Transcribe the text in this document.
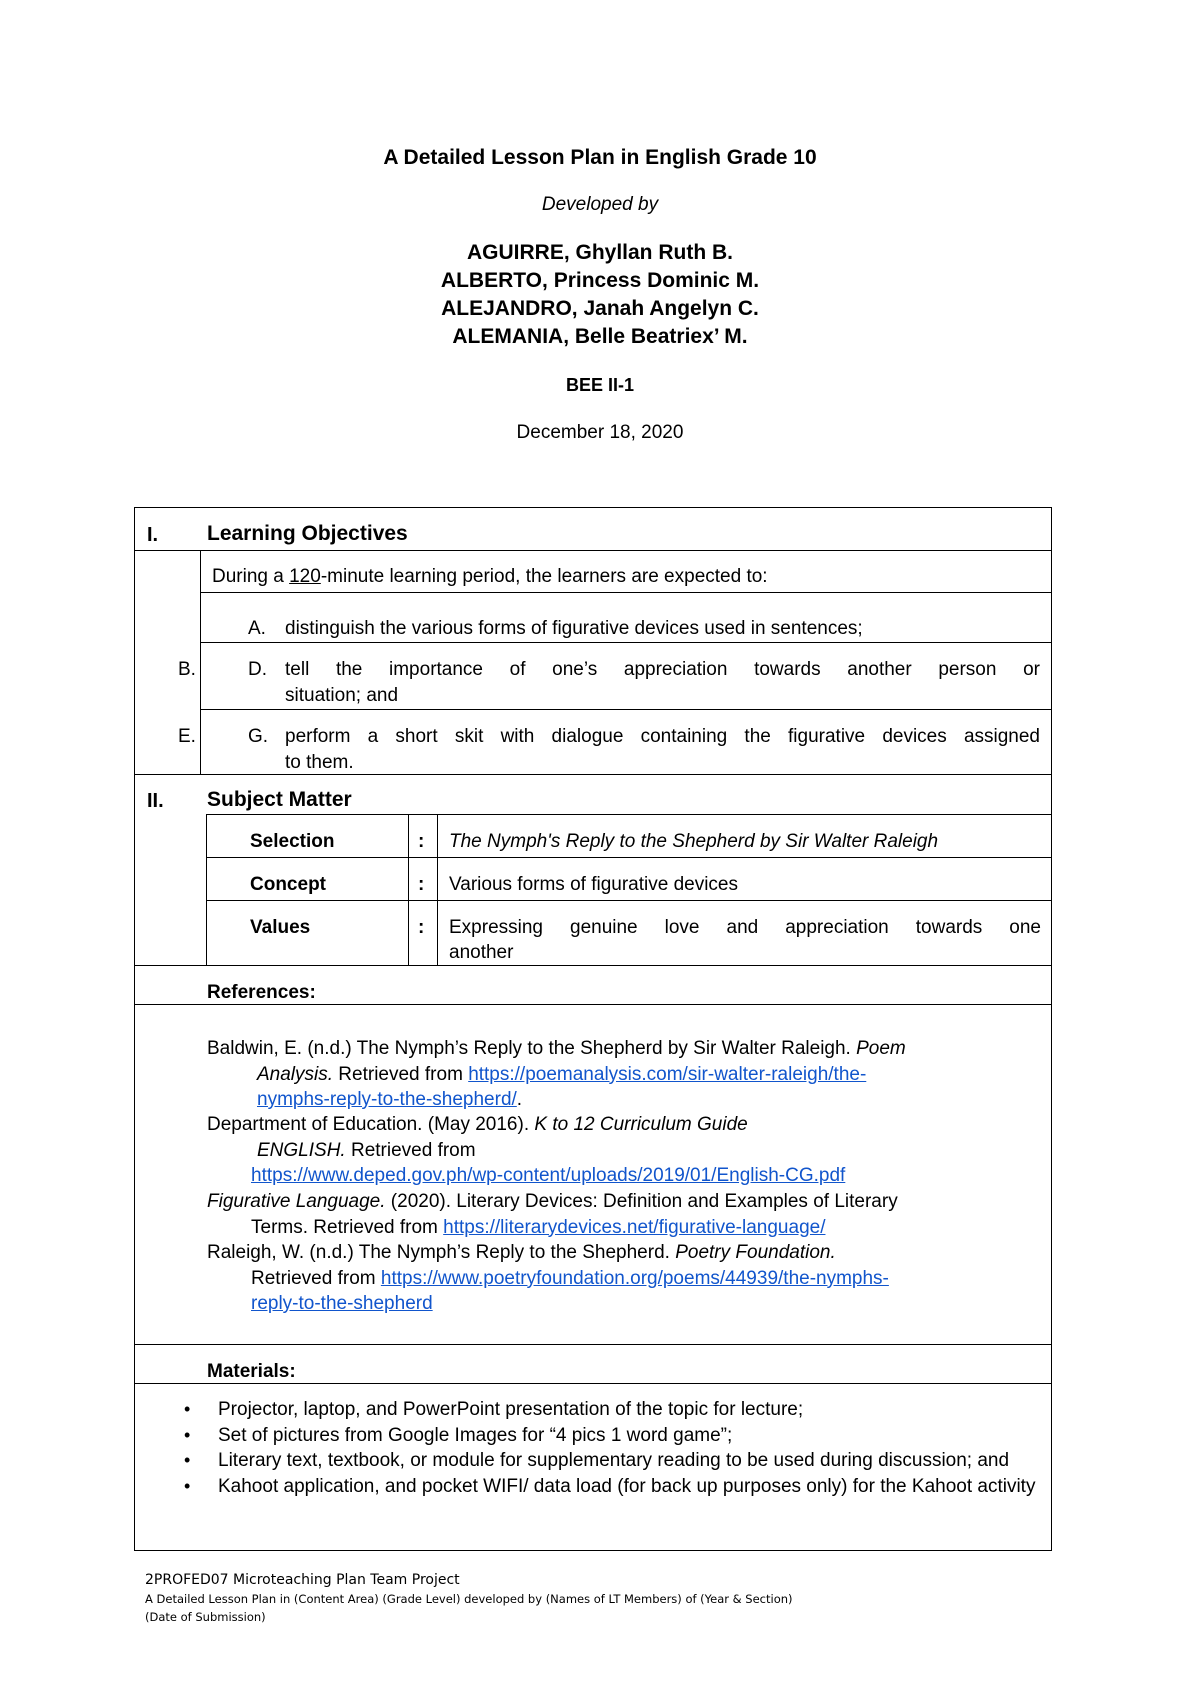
A Detailed Lesson Plan in English Grade 10
Developed by
AGUIRRE, Ghyllan Ruth B.
ALBERTO, Princess Dominic M.
ALEJANDRO, Janah Angelyn C.
ALEMANIA, Belle Beatriex’ M.
BEE II-1
December 18, 2020
I. Learning Objectives
During a 120-minute learning period, the learners are expected to:
A. distinguish the various forms of figurative devices used in sentences;
B.	D. tell the importance of one’s appreciation towards another person or
situation; and
E.	G. perform a short skit with dialogue containing the figurative devices assigned
to them.
II. Subject Matter
Selection	: The Nymph's Reply to the Shepherd by Sir Walter Raleigh
Concept	: Various forms of figurative devices
Values	: Expressing genuine love and appreciation towards one
another
References:
Baldwin, E. (n.d.) The Nymph’s Reply to the Shepherd by Sir Walter Raleigh. Poem
Analysis. Retrieved from https://poemanalysis.com/sir-walter-raleigh/the-
nymphs-reply-to-the-shepherd/.
Department of Education. (May 2016). K to 12 Curriculum Guide
ENGLISH. Retrieved from
https://www.deped.gov.ph/wp-content/uploads/2019/01/English-CG.pdf
Figurative Language. (2020). Literary Devices: Definition and Examples of Literary
Terms. Retrieved from https://literarydevices.net/figurative-language/
Raleigh, W. (n.d.) The Nymph’s Reply to the Shepherd. Poetry Foundation.
Retrieved from https://www.poetryfoundation.org/poems/44939/the-nymphs-
reply-to-the-shepherd
Materials:
• Projector, laptop, and PowerPoint presentation of the topic for lecture;
• Set of pictures from Google Images for “4 pics 1 word game”;
• Literary text, textbook, or module for supplementary reading to be used during discussion; and
• Kahoot application, and pocket WIFI/ data load (for back up purposes only) for the Kahoot activity
2PROFED07 Microteaching Plan Team Project
A Detailed Lesson Plan in (Content Area) (Grade Level) developed by (Names of LT Members) of (Year & Section)
(Date of Submission)
